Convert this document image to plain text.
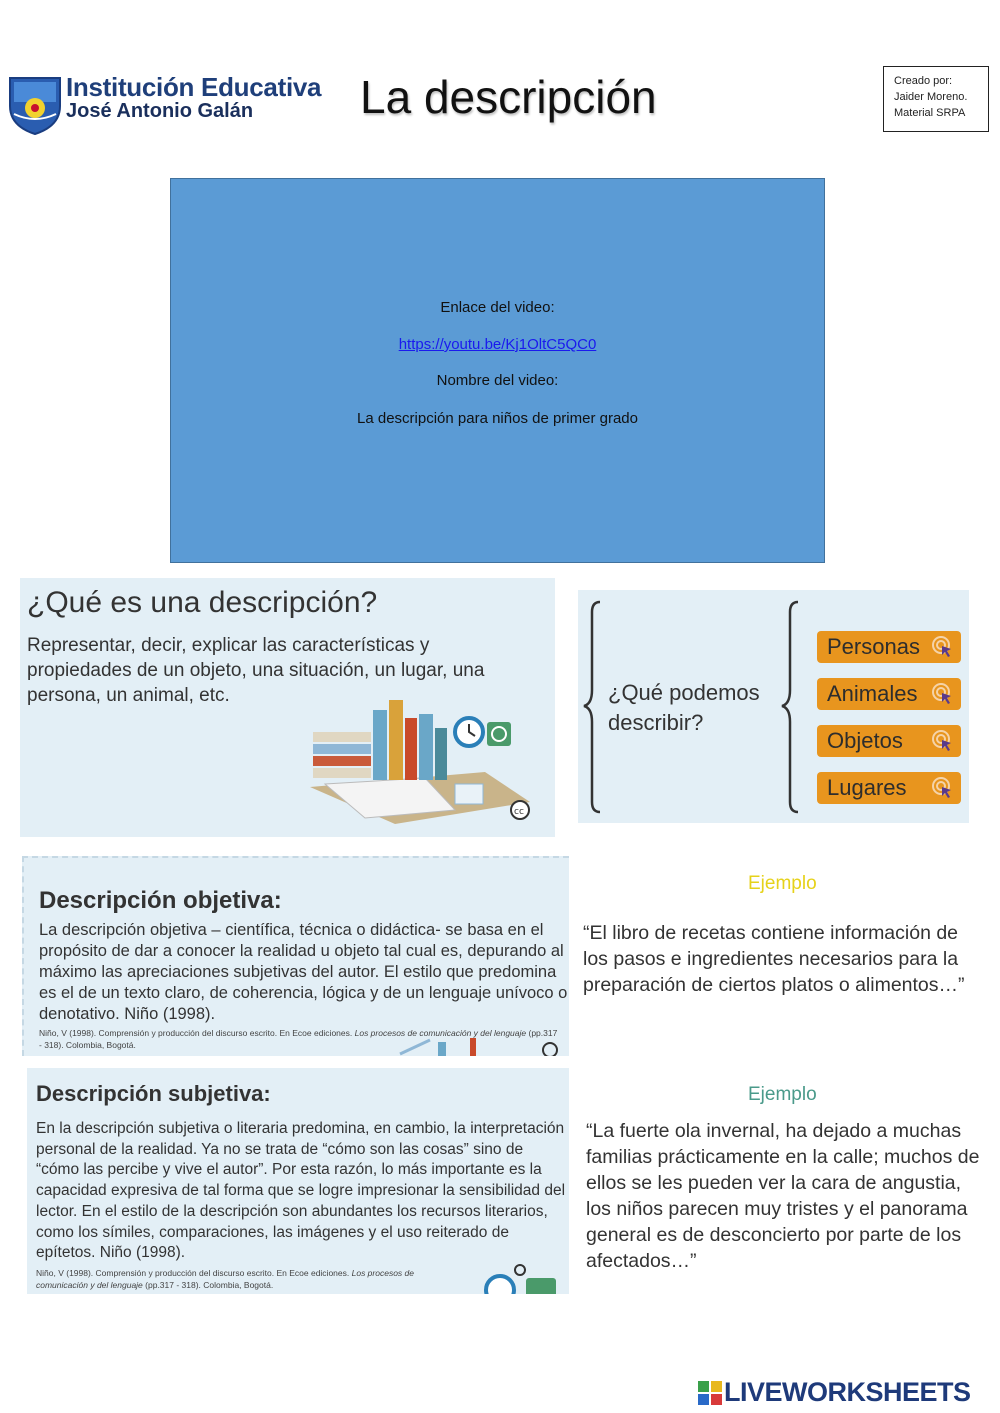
Institución Educativa
José Antonio Galán La descripción	Creado por:
Jaider Moreno.
Material SRPA

Enlace del video:

https://youtu.be/Kj1OltC5QC0

Nombre del video:

La descripción para niños de primer grado

¿Qué es una descripción?
Representar, decir, explicar las características y propiedades de un objeto, una situación, un lugar, una persona, un animal, etc.
cc
¿Qué podemos describir?
Personas
Animales
Objetos
Lugares
Descripción objetiva:
La descripción objetiva – científica, técnica o didáctica- se basa en el propósito de dar a conocer la realidad u objeto tal cual es, depurando al máximo las apreciaciones subjetivas del autor. El estilo que predomina es el de un texto claro, de coherencia, lógica y de un lenguaje unívoco o denotativo. Niño (1998).
Niño, V (1998). Comprensión y producción del discurso escrito. En Ecoe ediciones. Los procesos de comunicación y del lenguaje (pp.317 - 318). Colombia, Bogotá.
Ejemplo
“El libro de recetas contiene información de los pasos e ingredientes necesarios para la preparación de ciertos platos o alimentos…”
Descripción subjetiva:
En la descripción subjetiva o literaria predomina, en cambio, la interpretación personal de la realidad. Ya no se trata de “cómo son las cosas” sino de “cómo las percibe y vive el autor”. Por esta razón, lo más importante es la capacidad expresiva de tal forma que se logre impresionar la sensibilidad del lector. En el estilo de la descripción son abundantes los recursos literarios, como los símiles, comparaciones, las imágenes y el uso reiterado de epítetos. Niño (1998).
Niño, V (1998). Comprensión y producción del discurso escrito. En Ecoe ediciones. Los procesos de comunicación y del lenguaje (pp.317 - 318). Colombia, Bogotá.
Ejemplo
“La fuerte ola invernal, ha dejado a muchas familias prácticamente en la calle; muchos de ellos se les pueden ver la cara de angustia, los niños parecen muy tristes y el panorama general es de desconcierto por parte de los afectados…”
LIVEWORKSHEETS
